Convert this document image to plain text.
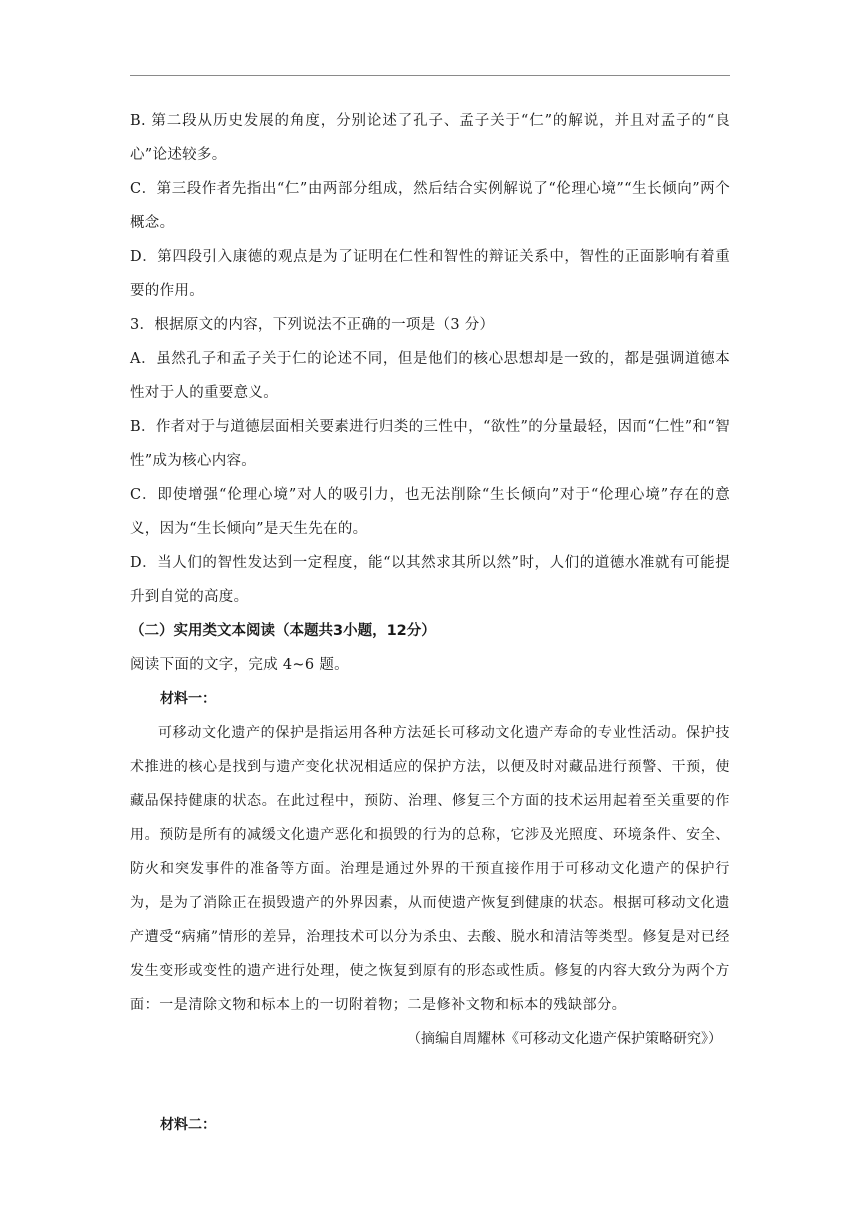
B. 第二段从历史发展的角度，分别论述了孔子、孟子关于“仁”的解说，并且对孟子的“良心”论述较多。

C．第三段作者先指出“仁”由两部分组成，然后结合实例解说了“伦理心境”“生长倾向”两个概念。

D．第四段引入康德的观点是为了证明在仁性和智性的辩证关系中，智性的正面影响有着重要的作用。

3．根据原文的内容，下列说法不正确的一项是（3 分）

A．虽然孔子和孟子关于仁的论述不同，但是他们的核心思想却是一致的，都是强调道德本性对于人的重要意义。

B．作者对于与道德层面相关要素进行归类的三性中，“欲性”的分量最轻，因而“仁性”和“智性”成为核心内容。

C．即使增强“伦理心境”对人的吸引力，也无法削除“生长倾向”对于“伦理心境”存在的意义，因为“生长倾向”是天生先在的。

D．当人们的智性发达到一定程度，能“以其然求其所以然”时，人们的道德水准就有可能提升到自觉的高度。

（二）实用类文本阅读（本题共3小题，12分）

阅读下面的文字，完成 4~6 题。

材料一：

可移动文化遗产的保护是指运用各种方法延长可移动文化遗产寿命的专业性活动。保护技术推进的核心是找到与遗产变化状况相适应的保护方法，以便及时对藏品进行预警、干预，使藏品保持健康的状态。在此过程中，预防、治理、修复三个方面的技术运用起着至关重要的作用。预防是所有的减缓文化遗产恶化和损毁的行为的总称，它涉及光照度、环境条件、安全、防火和突发事件的准备等方面。治理是通过外界的干预直接作用于可移动文化遗产的保护行为，是为了消除正在损毁遗产的外界因素，从而使遗产恢复到健康的状态。根据可移动文化遗产遭受“病痛”情形的差异，治理技术可以分为杀虫、去酸、脱水和清洁等类型。修复是对已经发生变形或变性的遗产进行处理，使之恢复到原有的形态或性质。修复的内容大致分为两个方面：一是清除文物和标本上的一切附着物；二是修补文物和标本的残缺部分。

（摘编自周耀林《可移动文化遗产保护策略研究》）

材料二：
